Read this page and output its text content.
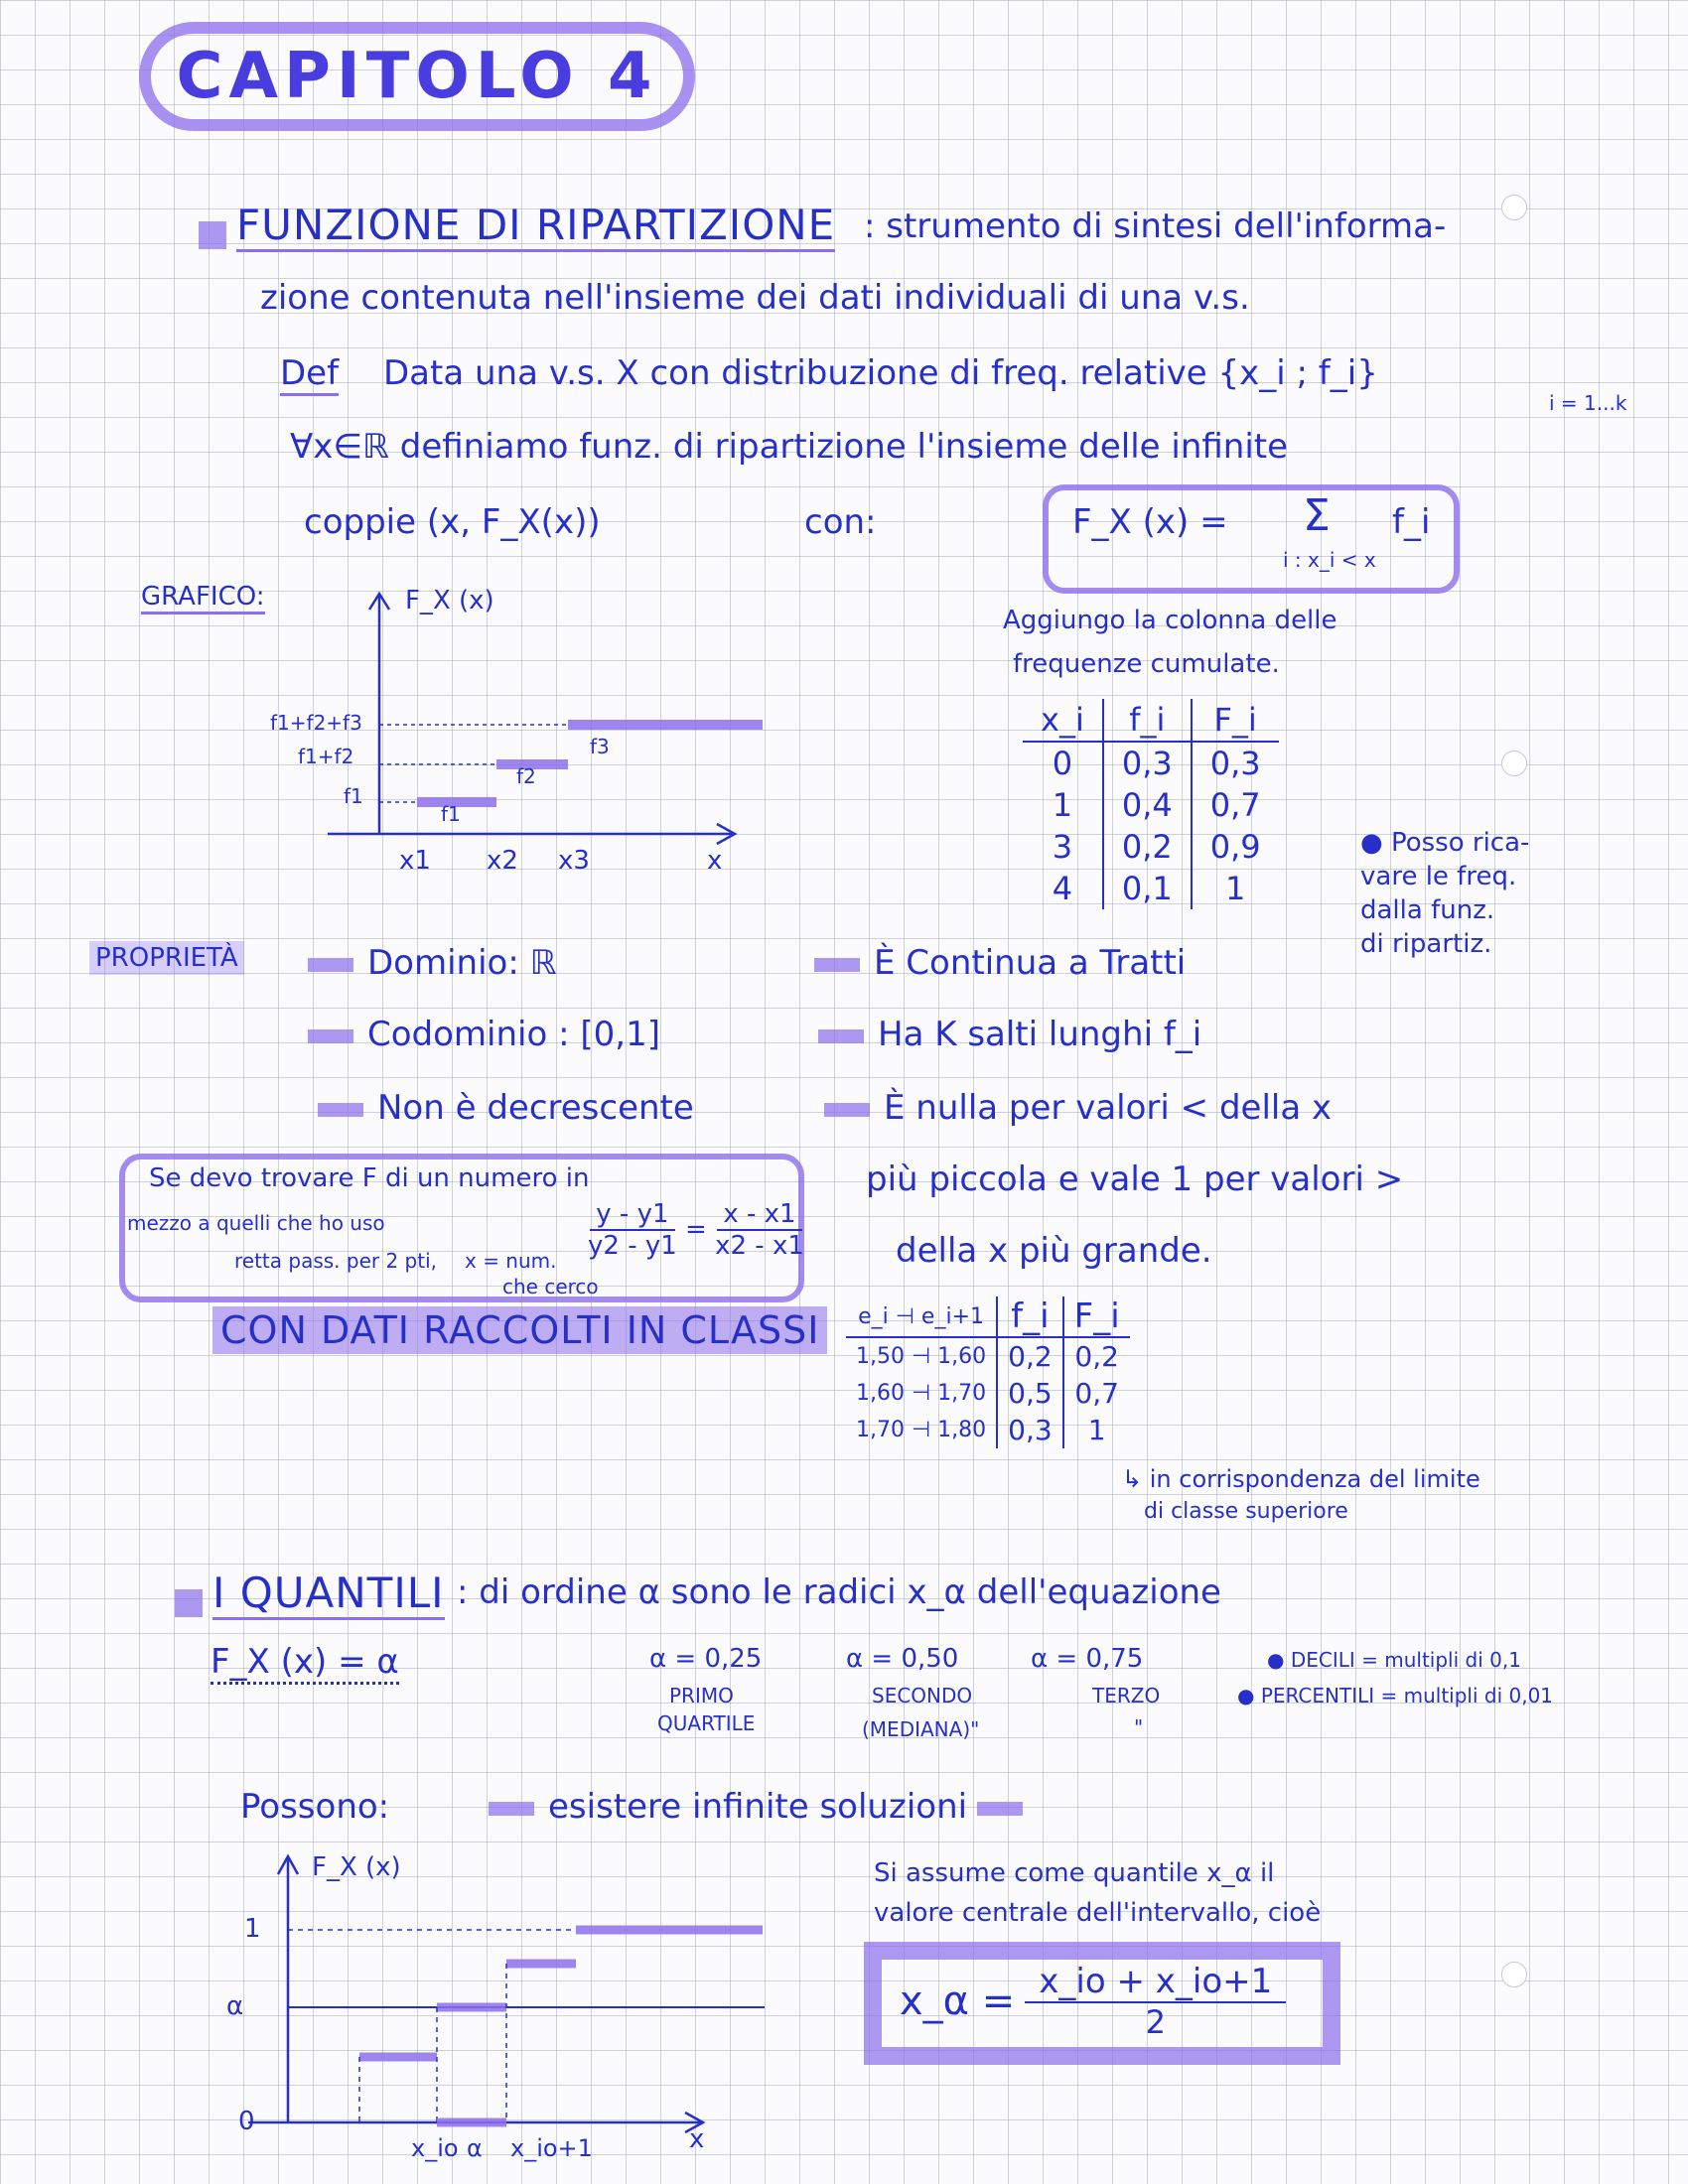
CAPITOLO 4
FUNZIONE DI RIPARTIZIONE : strumento di sintesi dell'informa-
zione contenuta nell'insieme dei dati individuali di una v.s.
Def Data una v.s. X con distribuzione di freq. relative {x_i ; f_i}
i = 1...k
∀x∈ℝ definiamo funz. di ripartizione l'insieme delle infinite
coppie (x, F_X(x))	con:	F_X (x) = Σ
i : x_i < x
f_i
GRAFICO:	F_X (x)
f1+f2+f3
f1+f2
f1
f1
f2
f3
x1 x2 x3	x
Aggiungo la colonna delle
frequenze cumulate.
x_i	f_i	F_i
0	0,3	0,3
1	0,4	0,7
3	0,2	0,9
4	0,1	1
● Posso rica-
vare le freq.
dalla funz.
di ripartiz.
PROPRIETÀ	Dominio: ℝ
Codominio : [0,1]
Non è decrescente
È Continua a Tratti
Ha K salti lunghi f_i
È nulla per valori < della x
più piccola e vale 1 per valori >
della x più grande.
Se devo trovare F di un numero in
mezzo a quelli che ho uso	$\frac{y - y1}{y2 - y1} = \frac{x - x1}{x2 - x1}$
retta pass. per 2 pti, x = num.
che cerco
CON DATI RACCOLTI IN CLASSI	e_i ⊣ e_i+1	f_i	F_i
1,50 ⊣ 1,60	0,2	0,2
1,60 ⊣ 1,70	0,5	0,7
1,70 ⊣ 1,80	0,3	1
↳ in corrispondenza del limite
di classe superiore
I QUANTILI : di ordine α sono le radici x_α dell'equazione
F_X (x) = α	α = 0,25
PRIMO
QUARTILE
α = 0,50
SECONDO
(MEDIANA)"
α = 0,75
TERZO
"
● DECILI = multipli di 0,1
● PERCENTILI = multipli di 0,01
Possono:	esistere infinite soluzioni
F_X (x)
1
α
0
x_io α x_io+1	x
Si assume come quantile x_α il
valore centrale dell'intervallo, cioè
x_α = $\frac{x\_io + x\_io+1}{2}$
